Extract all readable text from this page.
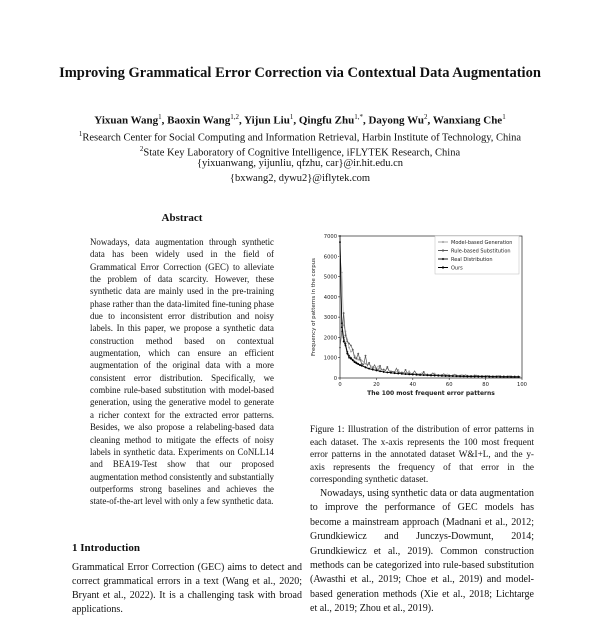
Improving Grammatical Error Correction via Contextual Data Augmentation
Yixuan Wang$^1$, Baoxin Wang$^{1,2}$, Yijun Liu$^1$, Qingfu Zhu$^{1,*}$, Dayong Wu$^2$, Wanxiang Che$^1$
$^1$Research Center for Social Computing and Information Retrieval, Harbin Institute of Technology, China
$^2$State Key Laboratory of Cognitive Intelligence, iFLYTEK Research, China
{yixuanwang, yijunliu, qfzhu, car}@ir.hit.edu.cn
{bxwang2, dywu2}@iflytek.com
Abstract

Nowadays, data augmentation through synthetic data has been widely used in the field of Grammatical Error Correction (GEC) to alleviate the problem of data scarcity. However, these synthetic data are mainly used in the pre-training phase rather than the data-limited fine-tuning phase due to inconsistent error distribution and noisy labels. In this paper, we propose a synthetic data construction method based on contextual augmentation, which can ensure an efficient augmentation of the original data with a more consistent error distribution. Specifically, we combine rule-based substitution with model-based generation, using the generative model to generate a richer context for the extracted error patterns. Besides, we also propose a relabeling-based data cleaning method to mitigate the effects of noisy labels in synthetic data. Experiments on CoNLL14 and BEA19-Test show that our proposed augmentation method consistently and substantially outperforms strong baselines and achieves the state-of-the-art level with only a few synthetic data.

1 Introduction

Grammatical Error Correction (GEC) aims to detect and correct grammatical errors in a text (Wang et al., 2020; Bryant et al., 2022). It is a challenging task with broad applications.

0
1000
2000
3000
4000
5000
6000
7000
0	20	40	60	80	100
The 100 most frequent error patterns
Frequency of patterns in the corpus
Model-based Generation
Rule-based Substitution
Real Distribution
Ours

Figure 1: Illustration of the distribution of error patterns in each dataset. The x-axis represents the 100 most frequent error patterns in the annotated dataset W&I+L, and the y-axis represents the frequency of that error in the corresponding synthetic dataset.

Nowadays, using synthetic data or data augmentation to improve the performance of GEC models has become a mainstream approach (Madnani et al., 2012; Grundkiewicz and Junczys-Dowmunt, 2014; Grundkiewicz et al., 2019). Common construction methods can be categorized into rule-based substitution (Awasthi et al., 2019; Choe et al., 2019) and model-based generation methods (Xie et al., 2018; Lichtarge et al., 2019; Zhou et al., 2019).
